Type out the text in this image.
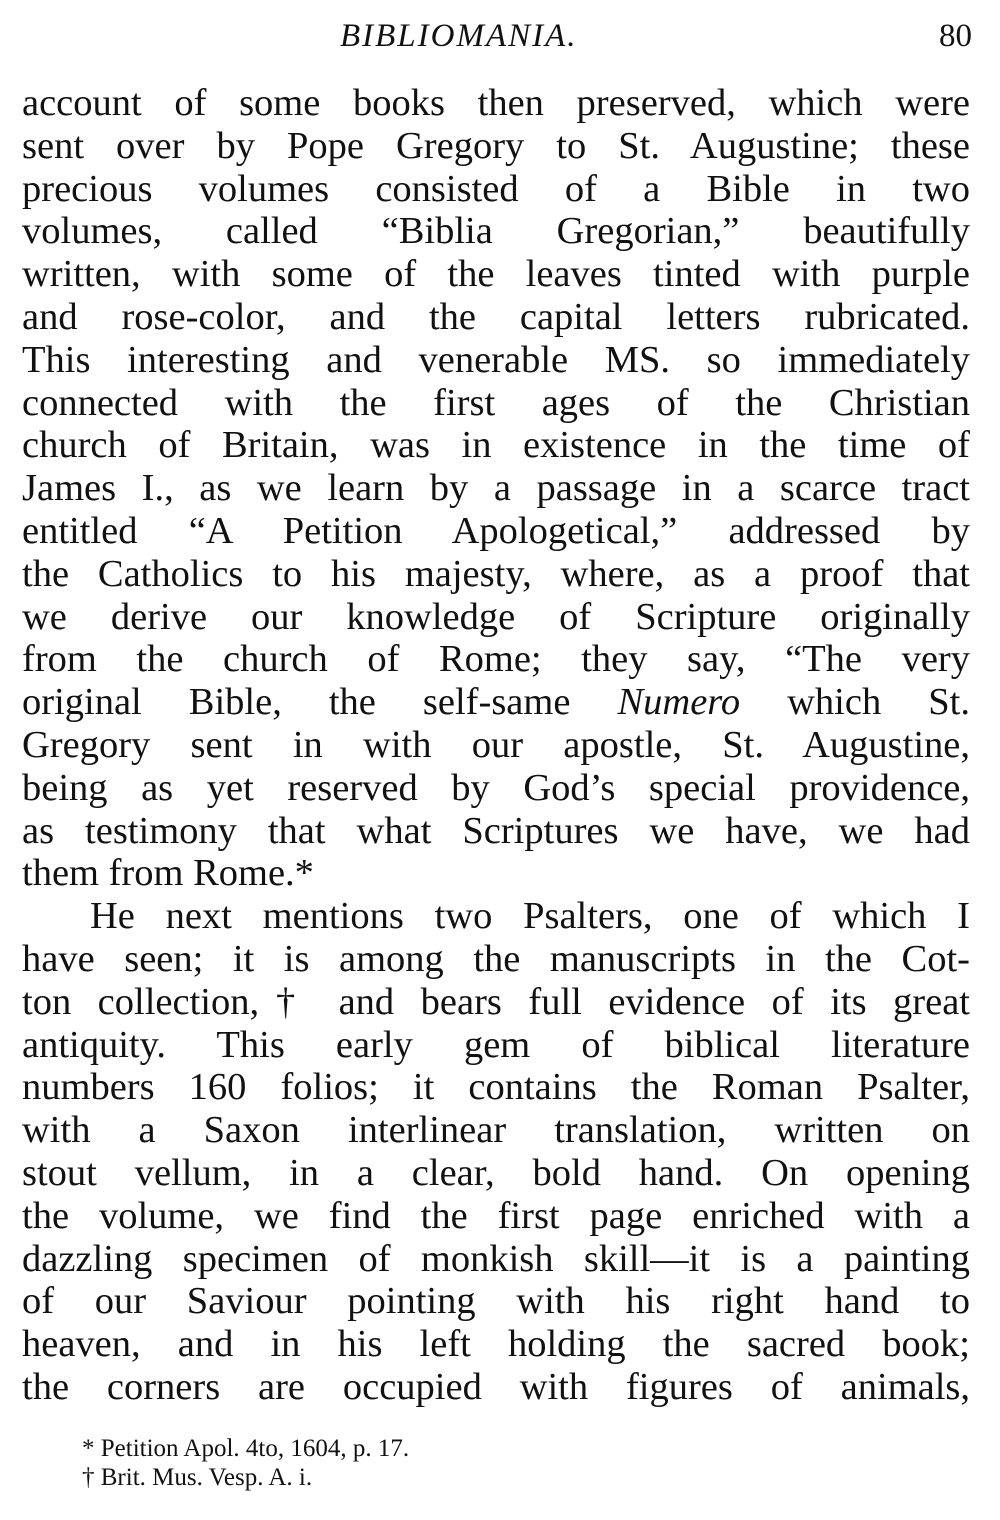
BIBLIOMANIA.	80
account of some books then preserved, which were
sent over by Pope Gregory to St. Augustine; these
precious volumes consisted of a Bible in two
volumes, called “Biblia Gregorian,” beautifully
written, with some of the leaves tinted with purple
and rose-color, and the capital letters rubricated.
This interesting and venerable MS. so immediately
connected with the first ages of the Christian
church of Britain, was in existence in the time of
James I., as we learn by a passage in a scarce tract
entitled “A Petition Apologetical,” addressed by
the Catholics to his majesty, where, as a proof that
we derive our knowledge of Scripture originally
from the church of Rome; they say, “The very
original Bible, the self-same Numero which St.
Gregory sent in with our apostle, St. Augustine,
being as yet reserved by God’s special providence,
as testimony that what Scriptures we have, we had
them from Rome.*
He next mentions two Psalters, one of which I
have seen; it is among the manuscripts in the Cot-
ton collection,† and bears full evidence of its great
antiquity. This early gem of biblical literature
numbers 160 folios; it contains the Roman Psalter,
with a Saxon interlinear translation, written on
stout vellum, in a clear, bold hand. On opening
the volume, we find the first page enriched with a
dazzling specimen of monkish skill—it is a painting
of our Saviour pointing with his right hand to
heaven, and in his left holding the sacred book;
the corners are occupied with figures of animals,
* Petition Apol. 4to, 1604, p. 17.
† Brit. Mus. Vesp. A. i.
